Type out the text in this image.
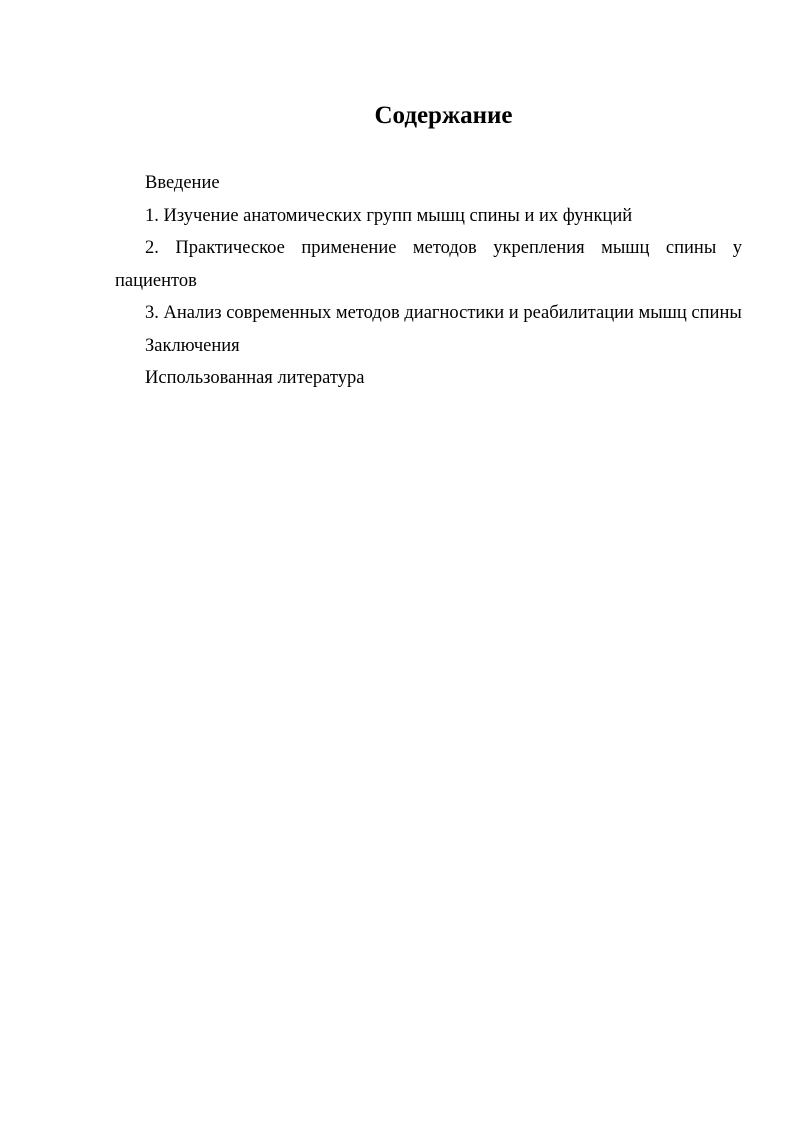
Содержание
Введение
1. Изучение анатомических групп мышц спины и их функций
2. Практическое применение методов укрепления мышц спины у пациентов
3. Анализ современных методов диагностики и реабилитации мышц спины
Заключения
Использованная литература
